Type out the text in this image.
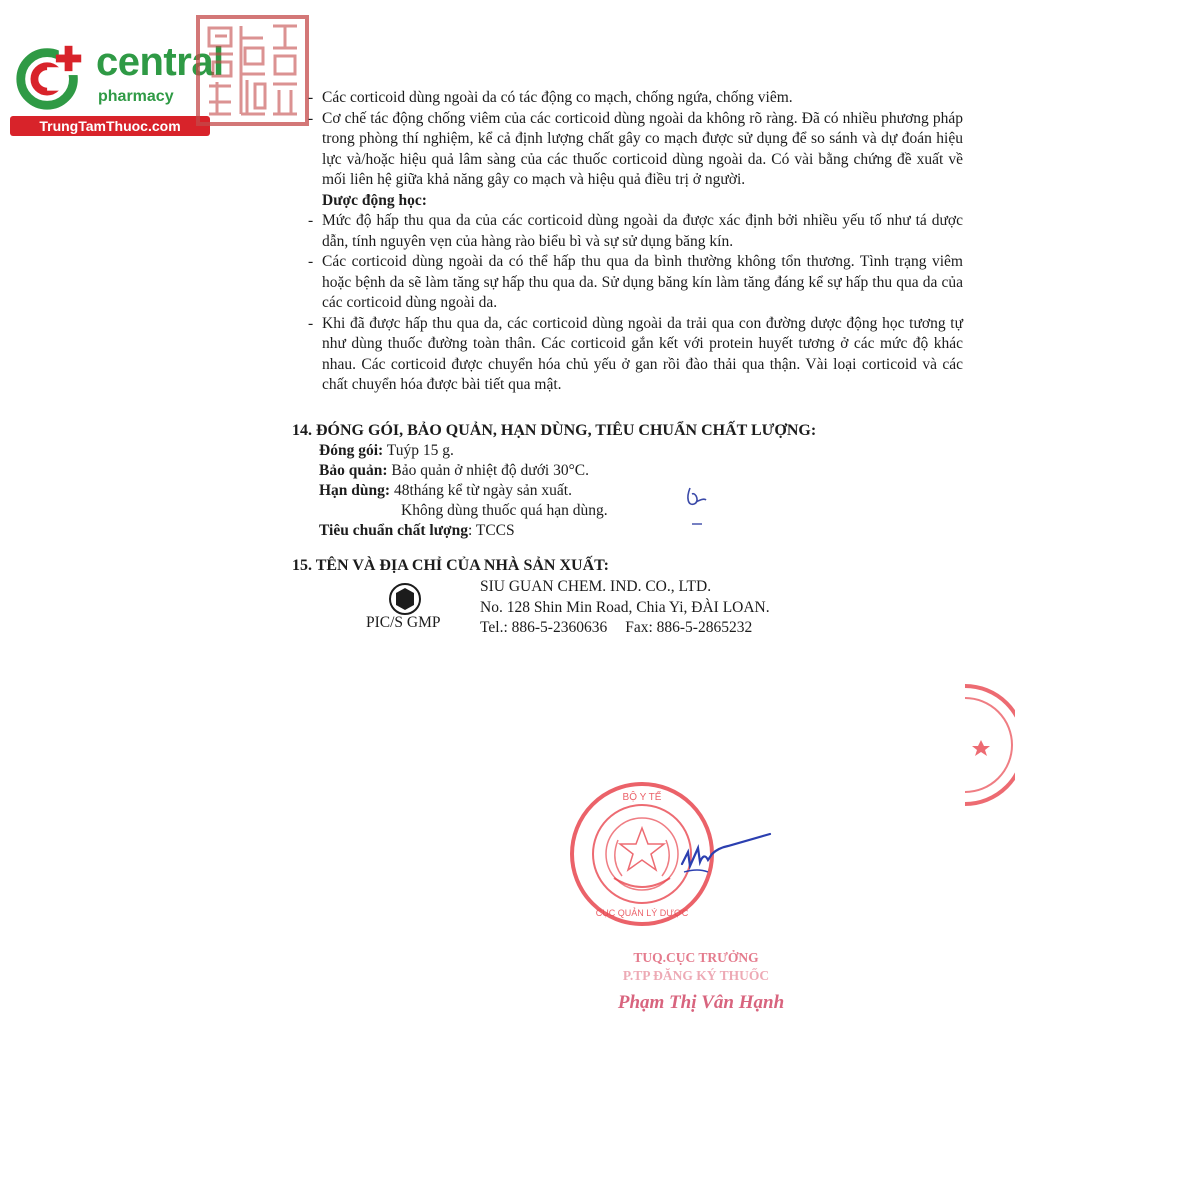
central
pharmacy
TrungTamThuoc.com
- Các corticoid dùng ngoài da có tác động co mạch, chống ngứa, chống viêm.
- Cơ chế tác động chống viêm của các corticoid dùng ngoài da không rõ ràng. Đã có nhiều phương pháp trong phòng thí nghiệm, kể cả định lượng chất gây co mạch được sử dụng để so sánh và dự đoán hiệu lực và/hoặc hiệu quả lâm sàng của các thuốc corticoid dùng ngoài da. Có vài bằng chứng đề xuất về mối liên hệ giữa khả năng gây co mạch và hiệu quả điều trị ở người.
Dược động học:
- Mức độ hấp thu qua da của các corticoid dùng ngoài da được xác định bởi nhiều yếu tố như tá dược dẫn, tính nguyên vẹn của hàng rào biểu bì và sự sử dụng băng kín.
- Các corticoid dùng ngoài da có thể hấp thu qua da bình thường không tổn thương. Tình trạng viêm hoặc bệnh da sẽ làm tăng sự hấp thu qua da. Sử dụng băng kín làm tăng đáng kể sự hấp thu qua da của các corticoid dùng ngoài da.
- Khi đã được hấp thu qua da, các corticoid dùng ngoài da trải qua con đường dược động học tương tự như dùng thuốc đường toàn thân. Các corticoid gắn kết với protein huyết tương ở các mức độ khác nhau. Các corticoid được chuyển hóa chủ yếu ở gan rồi đào thải qua thận. Vài loại corticoid và các chất chuyển hóa được bài tiết qua mật.
14. ĐÓNG GÓI, BẢO QUẢN, HẠN DÙNG, TIÊU CHUẨN CHẤT LƯỢNG:
Đóng gói: Tuýp 15 g.
Bảo quản: Bảo quản ở nhiệt độ dưới 30°C.
Hạn dùng: 48tháng kể từ ngày sản xuất.
Không dùng thuốc quá hạn dùng.
Tiêu chuẩn chất lượng: TCCS
15. TÊN VÀ ĐỊA CHỈ CỦA NHÀ SẢN XUẤT:
PIC/S GMP
SIU GUAN CHEM. IND. CO., LTD.
No. 128 Shin Min Road, Chia Yi, ĐÀI LOAN.
Tel.: 886-5-2360636 Fax: 886-5-2865232
BỘ Y TẾ
CỤC QUẢN LÝ DƯỢC
TUQ.CỤC TRƯỞNG
P.TP ĐĂNG KÝ THUỐC
Phạm Thị Vân Hạnh
